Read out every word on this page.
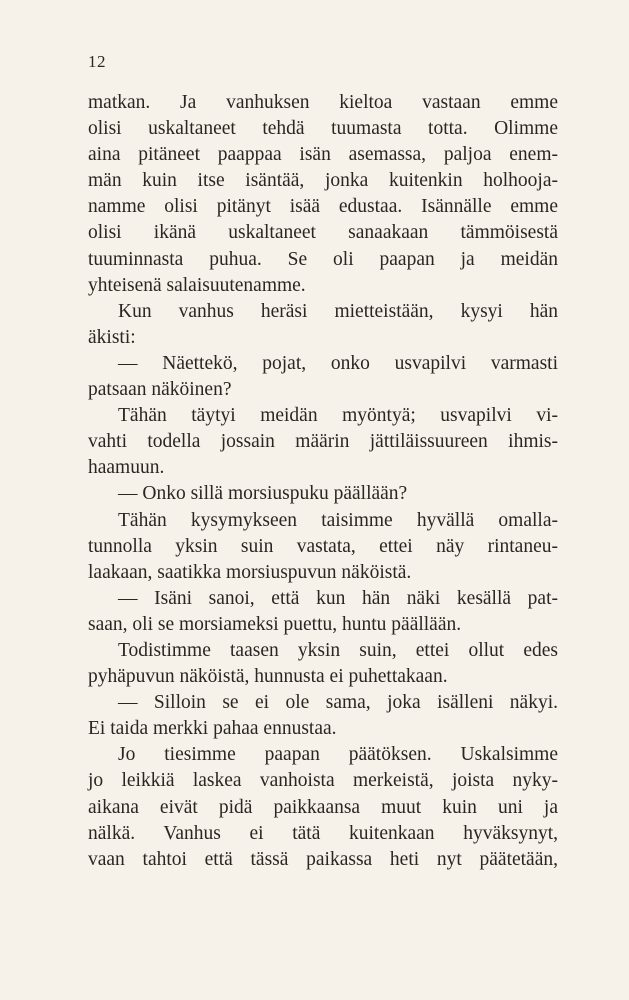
12
matkan. Ja vanhuksen kieltoa vastaan emme
olisi uskaltaneet tehdä tuumasta totta. Olimme
aina pitäneet paappaa isän asemassa, paljoa enem-
män kuin itse isäntää, jonka kuitenkin holhooja-
namme olisi pitänyt isää edustaa. Isännälle emme
olisi ikänä uskaltaneet sanaakaan tämmöisestä
tuuminnasta puhua. Se oli paapan ja meidän
yhteisenä salaisuutenamme.
Kun vanhus heräsi mietteistään, kysyi hän
äkisti:
— Näettekö, pojat, onko usvapilvi varmasti
patsaan näköinen?
Tähän täytyi meidän myöntyä; usvapilvi vi-
vahti todella jossain määrin jättiläissuureen ihmis-
haamuun.
— Onko sillä morsiuspuku päällään?
Tähän kysymykseen taisimme hyvällä omalla-
tunnolla yksin suin vastata, ettei näy rintaneu-
laakaan, saatikka morsiuspuvun näköistä.
— Isäni sanoi, että kun hän näki kesällä pat-
saan, oli se morsiameksi puettu, huntu päällään.
Todistimme taasen yksin suin, ettei ollut edes
pyhäpuvun näköistä, hunnusta ei puhettakaan.
— Silloin se ei ole sama, joka isälleni näkyi.
Ei taida merkki pahaa ennustaa.
Jo tiesimme paapan päätöksen. Uskalsimme
jo leikkiä laskea vanhoista merkeistä, joista nyky-
aikana eivät pidä paikkaansa muut kuin uni ja
nälkä. Vanhus ei tätä kuitenkaan hyväksynyt,
vaan tahtoi että tässä paikassa heti nyt päätetään,
